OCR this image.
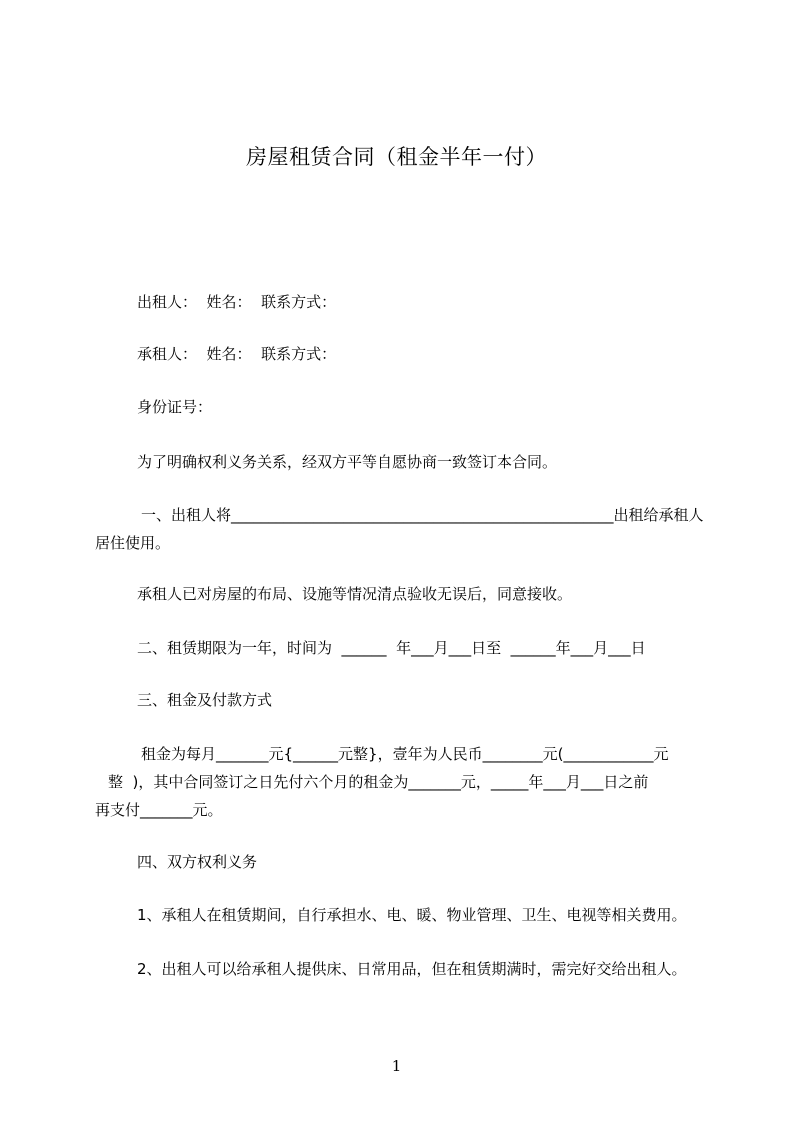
房屋租赁合同（租金半年一付）
出租人：  姓名：  联系方式：
承租人：  姓名：  联系方式：
身份证号：
为了明确权利义务关系，经双方平等自愿协商一致签订本合同。
一、出租人将___________________________________________________出租给承租人
居住使用。
承租人已对房屋的布局、设施等情况清点验收无误后，同意接收。
二、租赁期限为一年，时间为  ______  年___月___日至  ______年___月___日
三、租金及付款方式
租金为每月_______元{______元整}，壹年为人民币________元(____________元
整  )，其中合同签订之日先付六个月的租金为_______元，_____年___月___日之前
再支付_______元。
四、双方权利义务
1、承租人在租赁期间，自行承担水、电、暖、物业管理、卫生、电视等相关费用。
2、出租人可以给承租人提供床、日常用品，但在租赁期满时，需完好交给出租人。
1
